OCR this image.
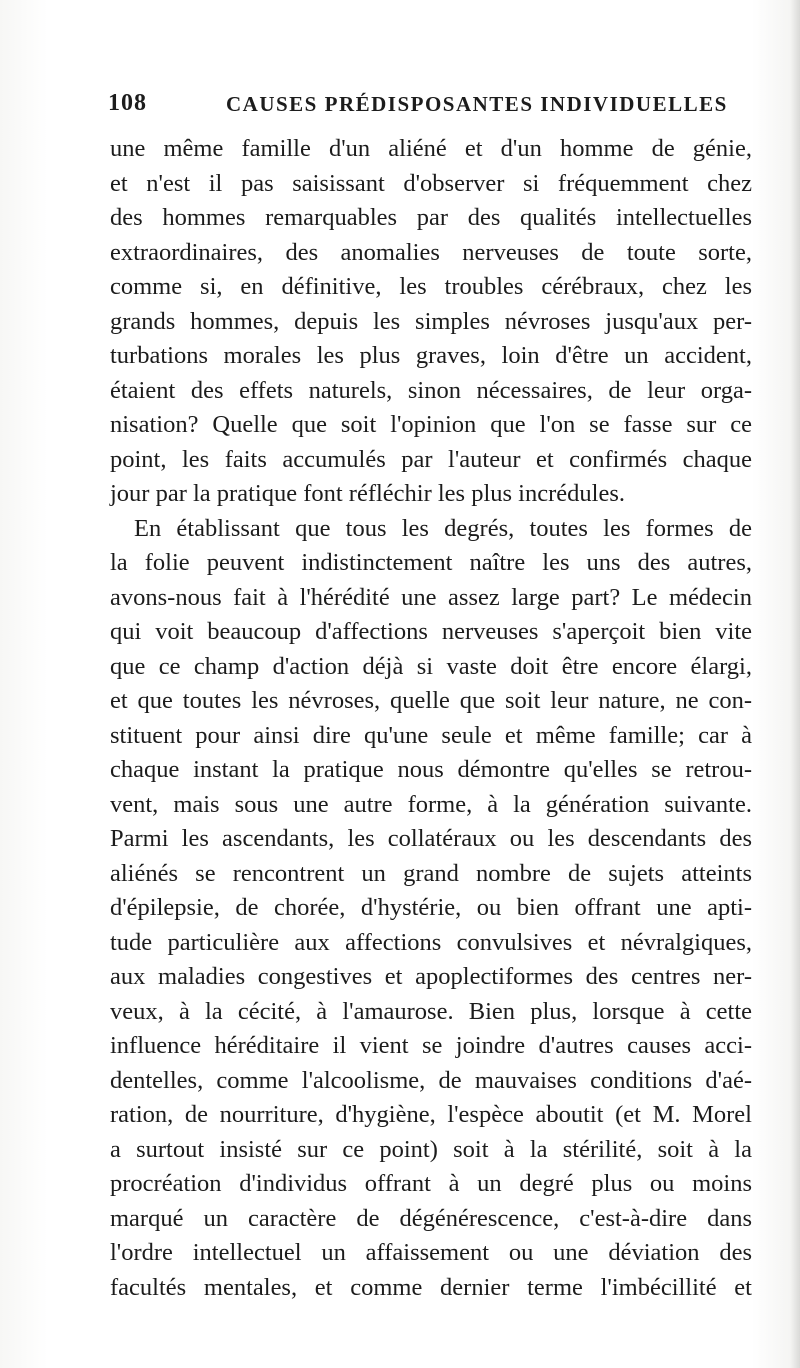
108	CAUSES PRÉDISPOSANTES INDIVIDUELLES
une même famille d'un aliéné et d'un homme de génie,
et n'est il pas saisissant d'observer si fréquemment chez
des hommes remarquables par des qualités intellectuelles
extraordinaires, des anomalies nerveuses de toute sorte,
comme si, en définitive, les troubles cérébraux, chez les
grands hommes, depuis les simples névroses jusqu'aux per-
turbations morales les plus graves, loin d'être un accident,
étaient des effets naturels, sinon nécessaires, de leur orga-
nisation? Quelle que soit l'opinion que l'on se fasse sur ce
point, les faits accumulés par l'auteur et confirmés chaque
jour par la pratique font réfléchir les plus incrédules.
En établissant que tous les degrés, toutes les formes de
la folie peuvent indistinctement naître les uns des autres,
avons-nous fait à l'hérédité une assez large part? Le médecin
qui voit beaucoup d'affections nerveuses s'aperçoit bien vite
que ce champ d'action déjà si vaste doit être encore élargi,
et que toutes les névroses, quelle que soit leur nature, ne con-
stituent pour ainsi dire qu'une seule et même famille; car à
chaque instant la pratique nous démontre qu'elles se retrou-
vent, mais sous une autre forme, à la génération suivante.
Parmi les ascendants, les collatéraux ou les descendants des
aliénés se rencontrent un grand nombre de sujets atteints
d'épilepsie, de chorée, d'hystérie, ou bien offrant une apti-
tude particulière aux affections convulsives et névralgiques,
aux maladies congestives et apoplectiformes des centres ner-
veux, à la cécité, à l'amaurose. Bien plus, lorsque à cette
influence héréditaire il vient se joindre d'autres causes acci-
dentelles, comme l'alcoolisme, de mauvaises conditions d'aé-
ration, de nourriture, d'hygiène, l'espèce aboutit (et M. Morel
a surtout insisté sur ce point) soit à la stérilité, soit à la
procréation d'individus offrant à un degré plus ou moins
marqué un caractère de dégénérescence, c'est-à-dire dans
l'ordre intellectuel un affaissement ou une déviation des
facultés mentales, et comme dernier terme l'imbécillité et
